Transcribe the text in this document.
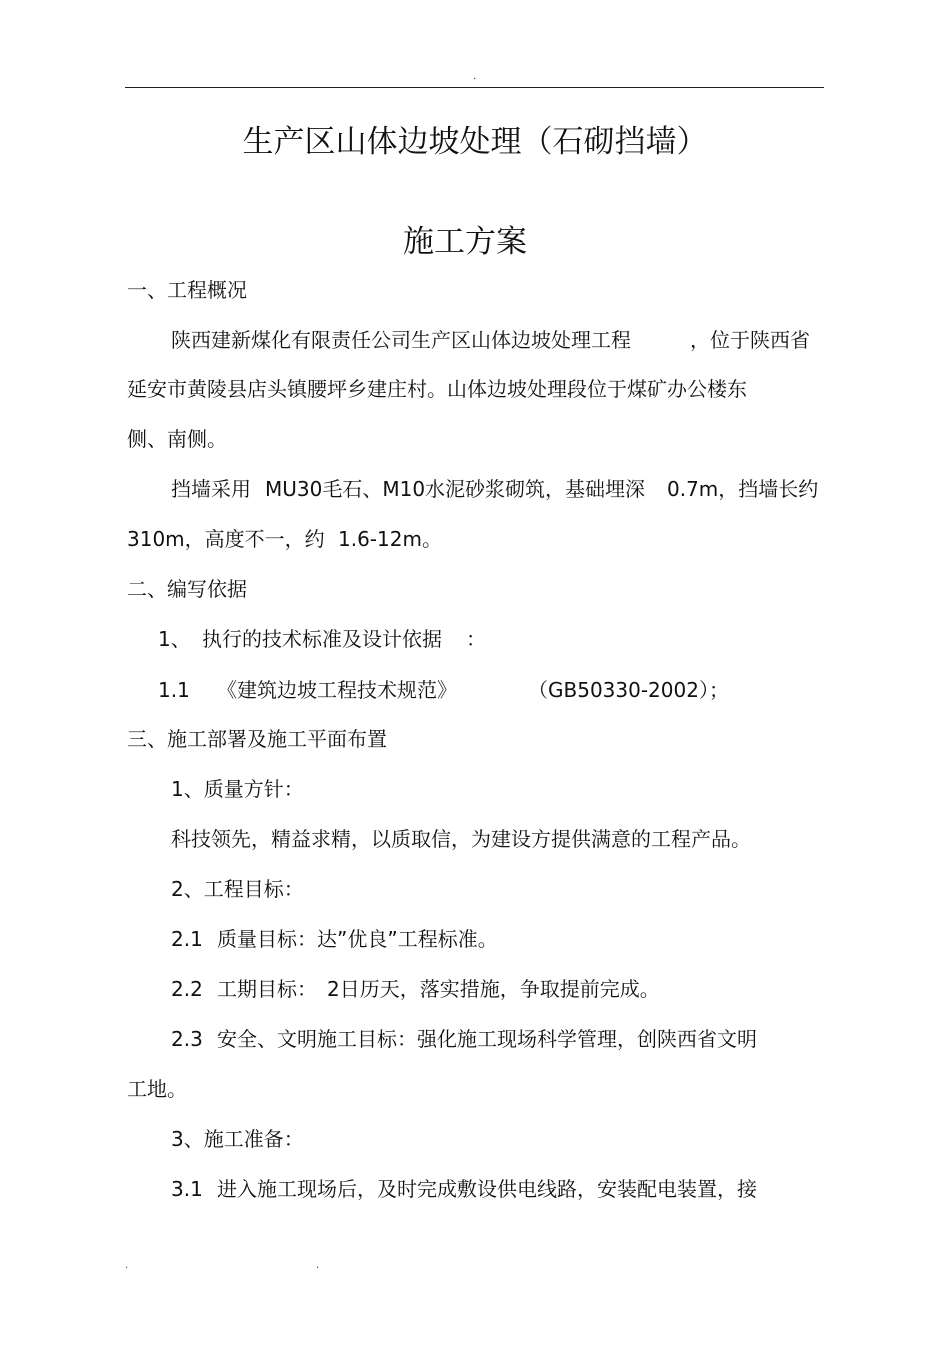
.
生产区山体边坡处理（石砌挡墙）
施工方案
一、工程概况
陕西建新煤化有限责任公司生产区山体边坡处理工程	，位于陕西省
延安市黄陵县店头镇腰坪乡建庄村。山体边坡处理段位于煤矿办公楼东
侧、南侧。
挡墙采用 MU30毛石、M10水泥砂浆砌筑，基础埋深 0.7m，挡墙长约
310m，高度不一，约 1.6-12m。
二、编写依据
1、 执行的技术标准及设计依据 ：
1.1 《建筑边坡工程技术规范》	（GB50330-2002）；
三、施工部署及施工平面布置
1、质量方针：
科技领先，精益求精，以质取信，为建设方提供满意的工程产品。
2、工程目标：
2.1 质量目标：达”优良”工程标准。
2.2 工期目标： 2日历天，落实措施，争取提前完成。
2.3 安全、文明施工目标：强化施工现场科学管理，创陕西省文明
工地。
3、施工准备：
3.1 进入施工现场后，及时完成敷设供电线路，安装配电装置，接
.	.
